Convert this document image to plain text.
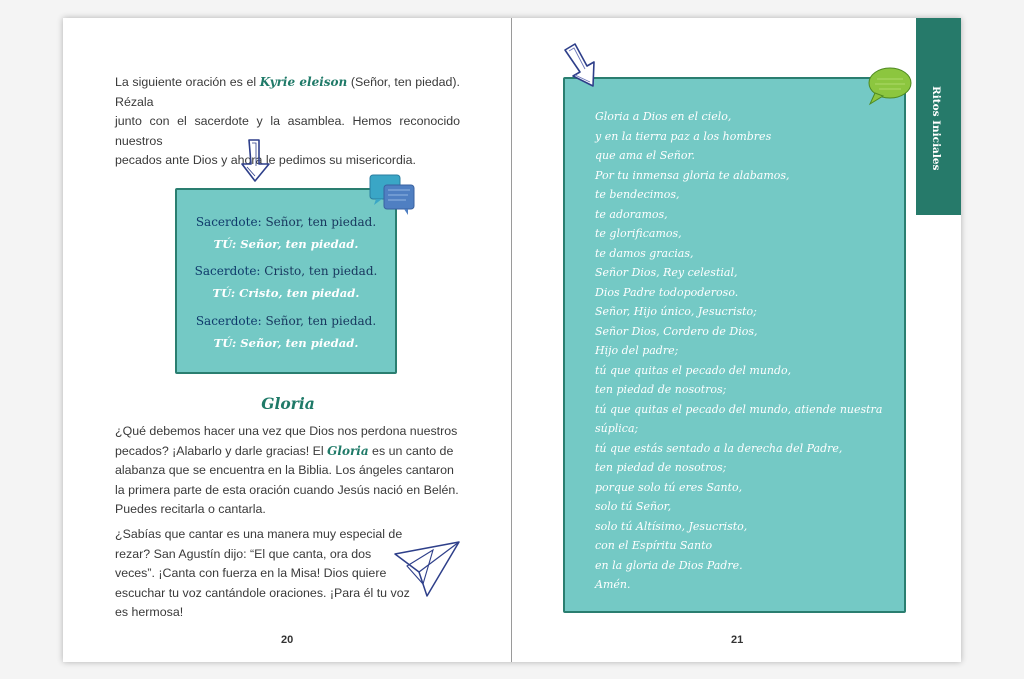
La siguiente oración es el Kyrie eleison (Señor, ten piedad). Rézala
junto con el sacerdote y la asamblea. Hemos reconocido nuestros
pecados ante Dios y ahora le pedimos su misericordia.

Sacerdote: Señor, ten piedad.

TÚ: Señor, ten piedad.

Sacerdote: Cristo, ten piedad.

TÚ: Cristo, ten piedad.

Sacerdote: Señor, ten piedad.

TÚ: Señor, ten piedad.

Gloria

¿Qué debemos hacer una vez que Dios nos perdona nuestros
pecados? ¡Alabarlo y darle gracias! El Gloria es un canto de
alabanza que se encuentra en la Biblia. Los ángeles cantaron
la primera parte de esta oración cuando Jesús nació en Belén.
Puedes recitarla o cantarla.

¿Sabías que cantar es una manera muy especial de
rezar? San Agustín dijo: “El que canta, ora dos
veces”. ¡Canta con fuerza en la Misa! Dios quiere
escuchar tu voz cantándole oraciones. ¡Para él tu voz
es hermosa!

20

Ritos Iniciales

Gloria a Dios en el cielo,

y en la tierra paz a los hombres

que ama el Señor.

Por tu inmensa gloria te alabamos,

te bendecimos,

te adoramos,

te glorificamos,

te damos gracias,

Señor Dios, Rey celestial,

Dios Padre todopoderoso.

Señor, Hijo único, Jesucristo;

Señor Dios, Cordero de Dios,

Hijo del padre;

tú que quitas el pecado del mundo,

ten piedad de nosotros;

tú que quitas el pecado del mundo, atiende nuestra

súplica;

tú que estás sentado a la derecha del Padre,

ten piedad de nosotros;

porque solo tú eres Santo,

solo tú Señor,

solo tú Altísimo, Jesucristo,

con el Espíritu Santo

en la gloria de Dios Padre.

Amén.

21
